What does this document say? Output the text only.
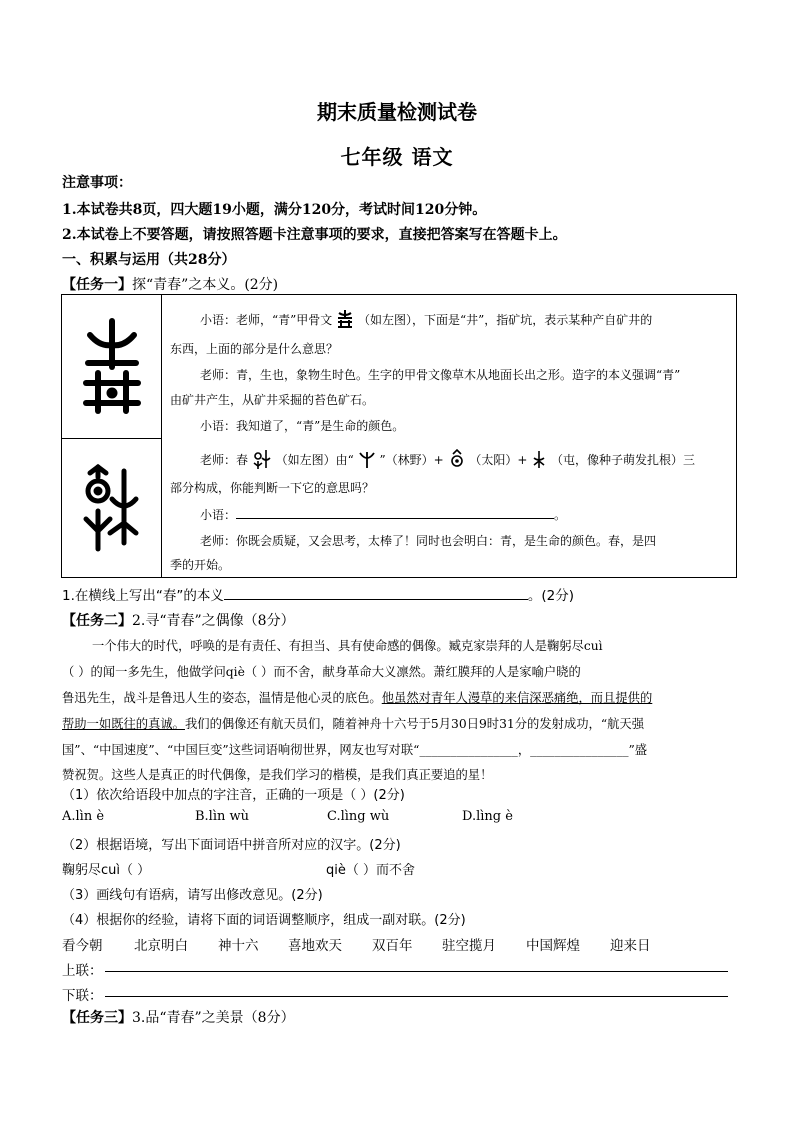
期末质量检测试卷
七年级 语文
注意事项：
1.本试卷共8页，四大题19小题，满分120分，考试时间120分钟。
2.本试卷上不要答题，请按照答题卡注意事项的要求，直接把答案写在答题卡上。
一、积累与运用（共28分）
【任务一】探“青春”之本义。(2分)
小语：老师，“青”甲骨文 （如左图），下面是“井”，指矿坑，表示某种产自矿井的
东西，上面的部分是什么意思？
老师：青，生也，象物生时色。生字的甲骨文像草木从地面长出之形。造字的本义强调“青”
由矿井产生，从矿井采掘的苔色矿石。
小语：我知道了，“青”是生命的颜色。
老师：春 （如左图）由“ ”（林野）+ （太阳）+ （屯，像种子萌发扎根）三
部分构成，你能判断一下它的意思吗？
小语：	。
老师：你既会质疑，又会思考，太棒了！同时也会明白：青，是生命的颜色。春，是四
季的开始。
1.在横线上写出“春”的本义	。(2分)
【任务二】2.寻“青春”之偶像（8分）
一个伟大的时代，呼唤的是有责任、有担当、具有使命感的偶像。臧克家崇拜的人是鞠躬尽cuì
（ ）的闻一多先生，他做学问qiè（ ）而不舍，献身革命大义凛然。萧红膜拜的人是家喻户晓的
鲁迅先生，战斗是鲁迅人生的姿态，温情是他心灵的底色。他虽然对青年人漫草的来信深恶痛绝，而且提供的
帮助一如既往的真诚。我们的偶像还有航天员们，随着神舟十六号于5月30日9时31分的发射成功，“航天强
国”、“中国速度”、“中国巨变”这些词语响彻世界，网友也写对联“________________，________________”盛
赞祝贺。这些人是真正的时代偶像，是我们学习的楷模，是我们真正要追的星！
（1）依次给语段中加点的字注音，正确的一项是（ ）(2分)
A.lìn è	B.lìn wù	C.lìng wù	D.lìng è
（2）根据语境，写出下面词语中拼音所对应的汉字。(2分)
鞠躬尽cuì（ ）	qiè（ ）而不舍
（3）画线句有语病，请写出修改意见。(2分)
（4）根据你的经验，请将下面的词语调整顺序，组成一副对联。(2分)
看今朝 北京明白 神十六 喜地欢天 双百年 驻空揽月 中国辉煌 迎来日
上联：
下联：
【任务三】3.品“青春”之美景（8分）
